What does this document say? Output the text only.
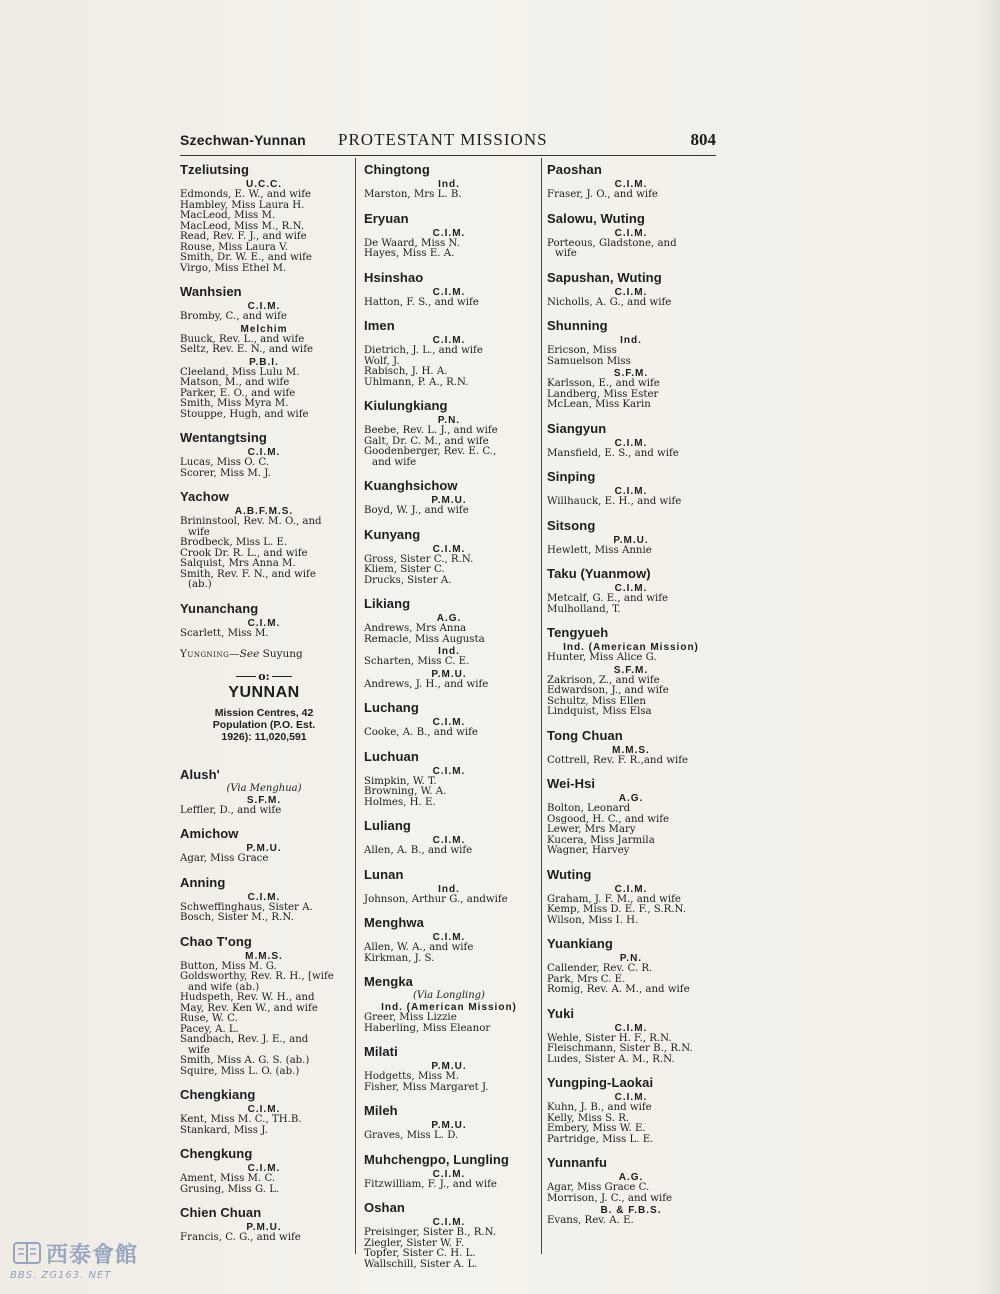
Szechwan-Yunnan PROTESTANT MISSIONS	804
Tzeliutsing
U.C.C.
Edmonds, E. W., and wife
Hambley, Miss Laura H.
MacLeod, Miss M.
MacLeod, Miss M., R.N.
Read, Rev. F. J., and wife
Rouse, Miss Laura V.
Smith, Dr. W. E., and wife
Virgo, Miss Ethel M.
Wanhsien
C.I.M.
Bromby, C., and wife
Melchim
Buuck, Rev. L., and wife
Seltz, Rev. E. N., and wife
P.B.I.
Cleeland, Miss Lulu M.
Matson, M., and wife
Parker, E. O., and wife
Smith, Miss Myra M.
Stouppe, Hugh, and wife
Wentangtsing
C.I.M.
Lucas, Miss O. C.
Scorer, Miss M. J.
Yachow
A.B.F.M.S.
Brininstool, Rev. M. O., and
wife
Brodbeck, Miss L. E.
Crook Dr. R. L., and wife
Salquist, Mrs Anna M.
Smith, Rev. F. N., and wife
(ab.)
Yunanchang
C.I.M.
Scarlett, Miss M.
Yungning—See Suyung
o:
YUNNAN
Mission Centres, 42
Population (P.O. Est.
1926): 11,020,591
Alush'
(Via Menghua)
S.F.M.
Leffler, D., and wife
Amichow
P.M.U.
Agar, Miss Grace
Anning
C.I.M.
Schweffinghaus, Sister A.
Bosch, Sister M., R.N.
Chao T'ong
M.M.S.
Button, Miss M. G.
Goldsworthy, Rev. R. H., [wife
and wife (ab.)
Hudspeth, Rev. W. H., and
May, Rev. Ken W., and wife
Ruse, W. C.
Pacey, A. L.
Sandbach, Rev. J. E., and
wife
Smith, Miss A. G. S. (ab.)
Squire, Miss L. O. (ab.)
Chengkiang
C.I.M.
Kent, Miss M. C., TH.B.
Stankard, Miss J.
Chengkung
C.I.M.
Ament, Miss M. C.
Grusing, Miss G. L.
Chien Chuan
P.M.U.
Francis, C. G., and wife
Chingtong
Ind.
Marston, Mrs L. B.
Eryuan
C.I.M.
De Waard, Miss N.
Hayes, Miss E. A.
Hsinshao
C.I.M.
Hatton, F. S., and wife
Imen
C.I.M.
Dietrich, J. L., and wife
Wolf, J.
Rabisch, J. H. A.
Uhlmann, P. A., R.N.
Kiulungkiang
P.N.
Beebe, Rev. L. J., and wife
Galt, Dr. C. M., and wife
Goodenberger, Rev. E. C.,
and wife
Kuanghsichow
P.M.U.
Boyd, W. J., and wife
Kunyang
C.I.M.
Gross, Sister C., R.N.
Kliem, Sister C.
Drucks, Sister A.
Likiang
A.G.
Andrews, Mrs Anna
Remacle, Miss Augusta
Ind.
Scharten, Miss C. E.
P.M.U.
Andrews, J. H., and wife
Luchang
C.I.M.
Cooke, A. B., and wife
Luchuan
C.I.M.
Simpkin, W. T.
Browning, W. A.
Holmes, H. E.
Luliang
C.I.M.
Allen, A. B., and wife
Lunan
Ind.
Johnson, Arthur G., andwife
Menghwa
C.I.M.
Allen, W. A., and wife
Kirkman, J. S.
Mengka
(Via Longling)
Ind. (American Mission)
Greer, Miss Lizzie
Haberling, Miss Eleanor
Milati
P.M.U.
Hodgetts, Miss M.
Fisher, Miss Margaret J.
Mileh
P.M.U.
Graves, Miss L. D.
Muhchengpo, Lungling
C.I.M.
Fitzwilliam, F. J., and wife
Oshan
C.I.M.
Preisinger, Sister B., R.N.
Ziegler, Sister W. F.
Topfer, Sister C. H. L.
Wallschill, Sister A. L.
Paoshan
C.I.M.
Fraser, J. O., and wife
Salowu, Wuting
C.I.M.
Porteous, Gladstone, and
wife
Sapushan, Wuting
C.I.M.
Nicholls, A. G., and wife
Shunning
Ind.
Ericson, Miss
Samuelson Miss
S.F.M.
Karlsson, E., and wife
Landberg, Miss Ester
McLean, Miss Karin
Siangyun
C.I.M.
Mansfield, E. S., and wife
Sinping
C.I.M.
Willhauck, E. H., and wife
Sitsong
P.M.U.
Hewlett, Miss Annie
Taku (Yuanmow)
C.I.M.
Metcalf, G. E., and wife
Mulholland, T.
Tengyueh
Ind. (American Mission)
Hunter, Miss Alice G.
S.F.M.
Zakrison, Z., and wife
Edwardson, J., and wife
Schultz, Miss Ellen
Lindquist, Miss Elsa
Tong Chuan
M.M.S.
Cottrell, Rev. F. R.,and wife
Wei-Hsi
A.G.
Bolton, Leonard
Osgood, H. C., and wife
Lewer, Mrs Mary
Kucera, Miss Jarmila
Wagner, Harvey
Wuting
C.I.M.
Graham, J. F. M., and wife
Kemp, Miss D. E. F., S.R.N.
Wilson, Miss I. H.
Yuankiang
P.N.
Callender, Rev. C. R.
Park, Mrs C. E.
Romig, Rev. A. M., and wife
Yuki
C.I.M.
Wehle, Sister H. F., R.N.
Fleischmann, Sister B., R.N.
Ludes, Sister A. M., R.N.
Yungping-Laokai
C.I.M.
Kuhn, J. B., and wife
Kelly, Miss S. R.
Embery, Miss W. E.
Partridge, Miss L. E.
Yunnanfu
A.G.
Agar, Miss Grace C.
Morrison, J. C., and wife
B. & F.B.S.
Evans, Rev. A. E.
西泰會館
BBS. ZG163. NET
